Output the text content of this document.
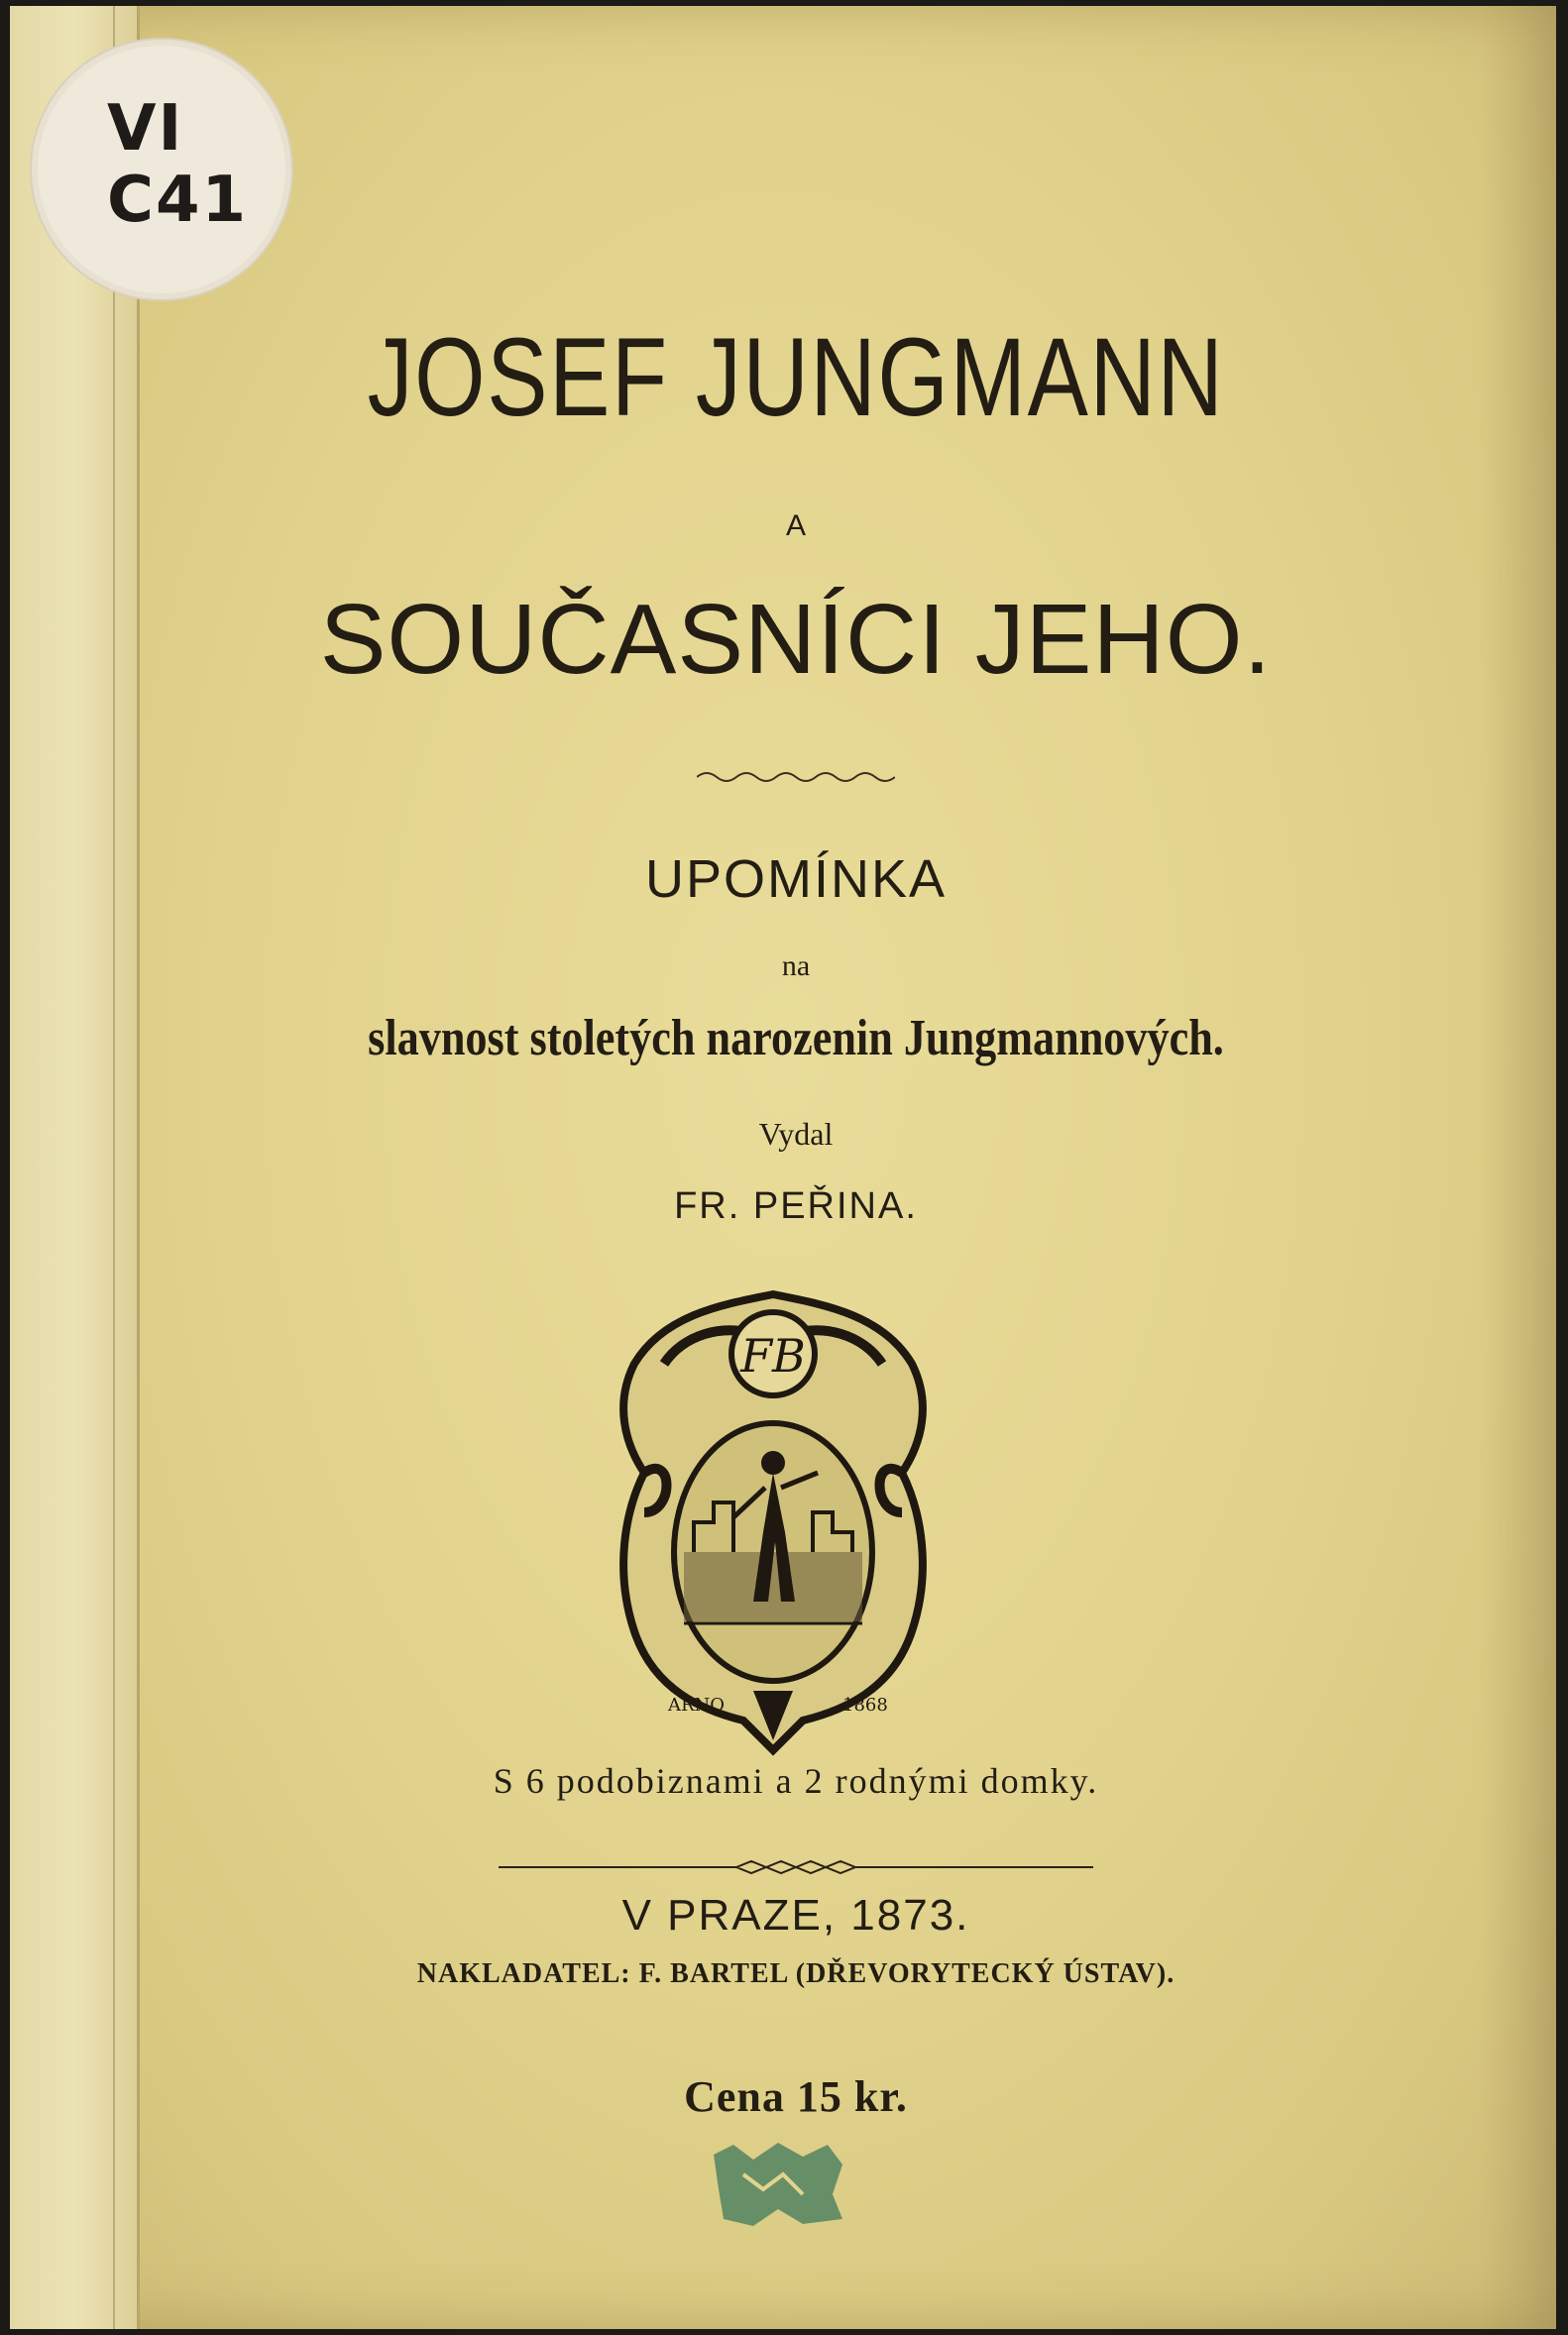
VI
C41
JOSEF JUNGMANN
A
SOUČASNÍCI JEHO.
UPOMÍNKA
na
slavnost stoletých narozenin Jungmannových.
Vydal
FR. PEŘINA.
FB
ARNO	1868
S 6 podobiznami a 2 rodnými domky.
V PRAZE, 1873.
NAKLADATEL: F. BARTEL (DŘEVORYTECKÝ ÚSTAV).
Cena 15 kr.
